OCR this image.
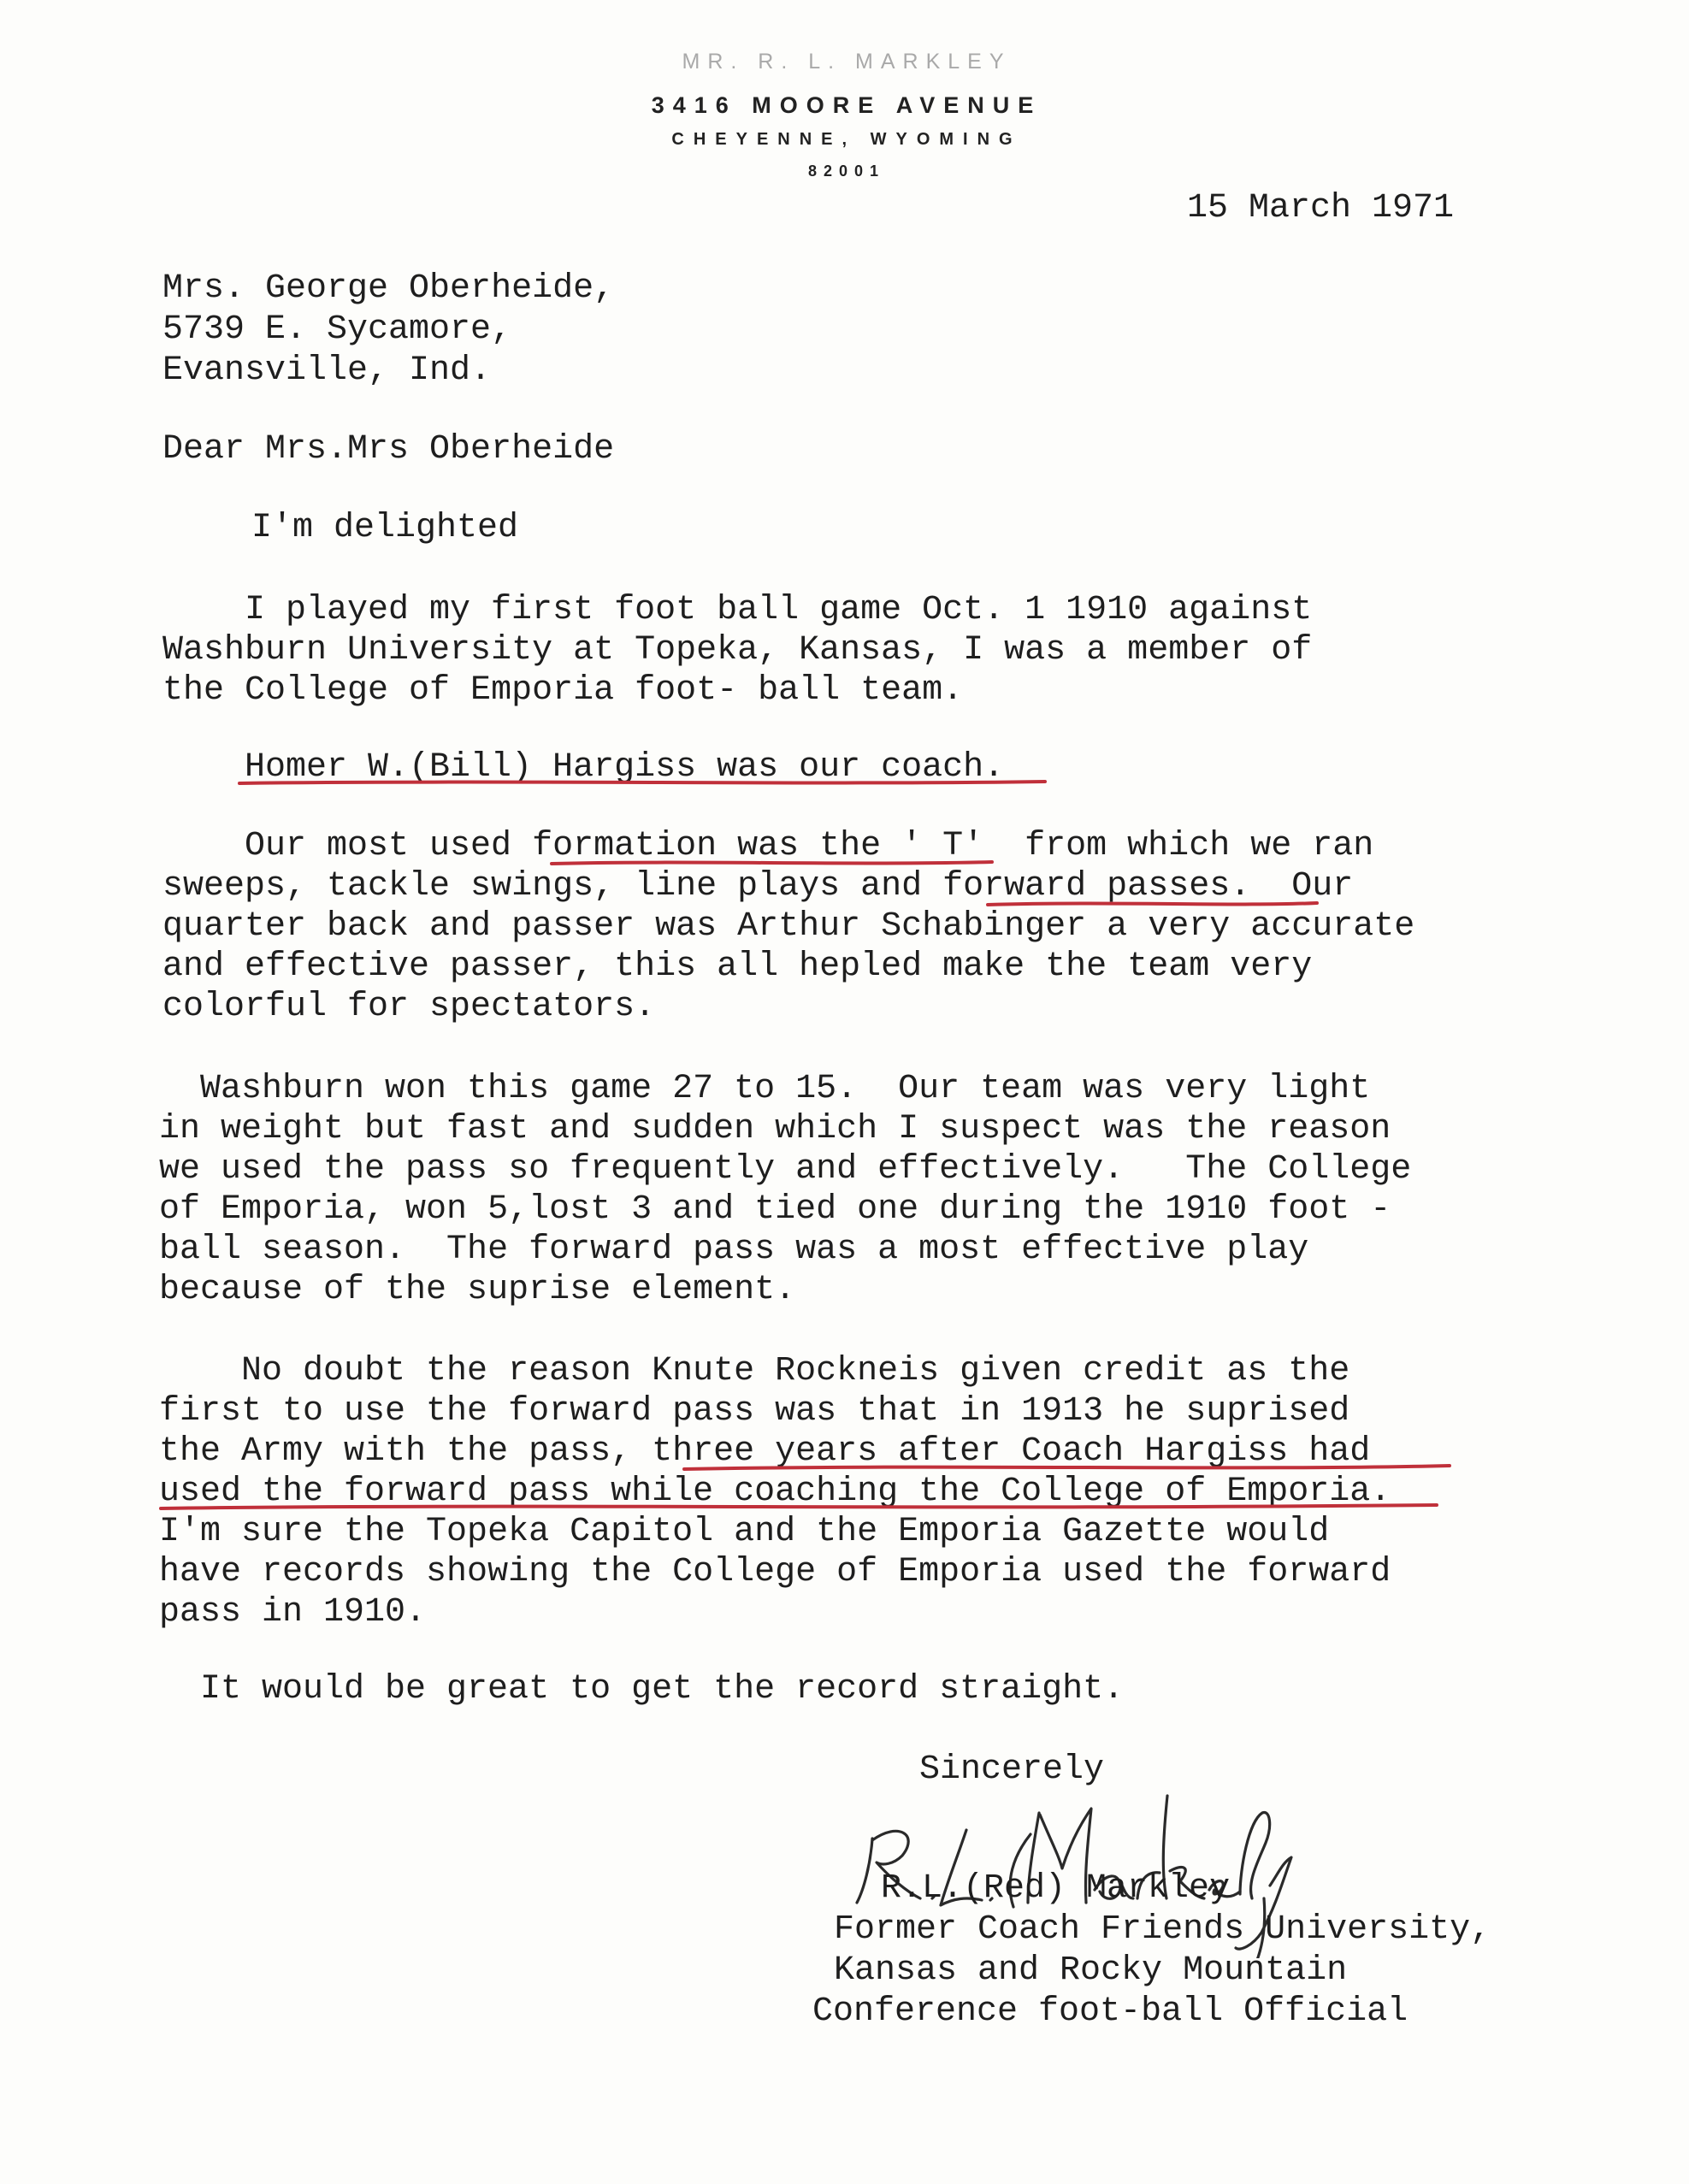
MR. R. L. MARKLEY
3416 MOORE AVENUE
CHEYENNE, WYOMING
82001
15 March 1971
Mrs. George Oberheide,
5739 E. Sycamore,
Evansville, Ind.
Dear Mrs.Mrs Oberheide
I'm delighted
I played my first foot ball game Oct. 1 1910 against
Washburn University at Topeka, Kansas, I was a member of
the College of Emporia foot- ball team.
Homer W.(Bill) Hargiss was our coach.
Our most used formation was the ' T'  from which we ran
sweeps, tackle swings, line plays and forward passes.  Our
quarter back and passer was Arthur Schabinger a very accurate
and effective passer, this all hepled make the team very
colorful for spectators.
Washburn won this game 27 to 15.  Our team was very light
in weight but fast and sudden which I suspect was the reason
we used the pass so frequently and effectively.   The College
of Emporia, won 5,lost 3 and tied one during the 1910 foot -
ball season.  The forward pass was a most effective play
because of the suprise element.
No doubt the reason Knute Rockneis given credit as the
first to use the forward pass was that in 1913 he suprised
the Army with the pass, three years after Coach Hargiss had
used the forward pass while coaching the College of Emporia.
I'm sure the Topeka Capitol and the Emporia Gazette would
have records showing the College of Emporia used the forward
pass in 1910.
It would be great to get the record straight.
Sincerely
R.L.(Red) Markley
Former Coach Friends University,
Kansas and Rocky Mountain
Conference foot-ball Official
